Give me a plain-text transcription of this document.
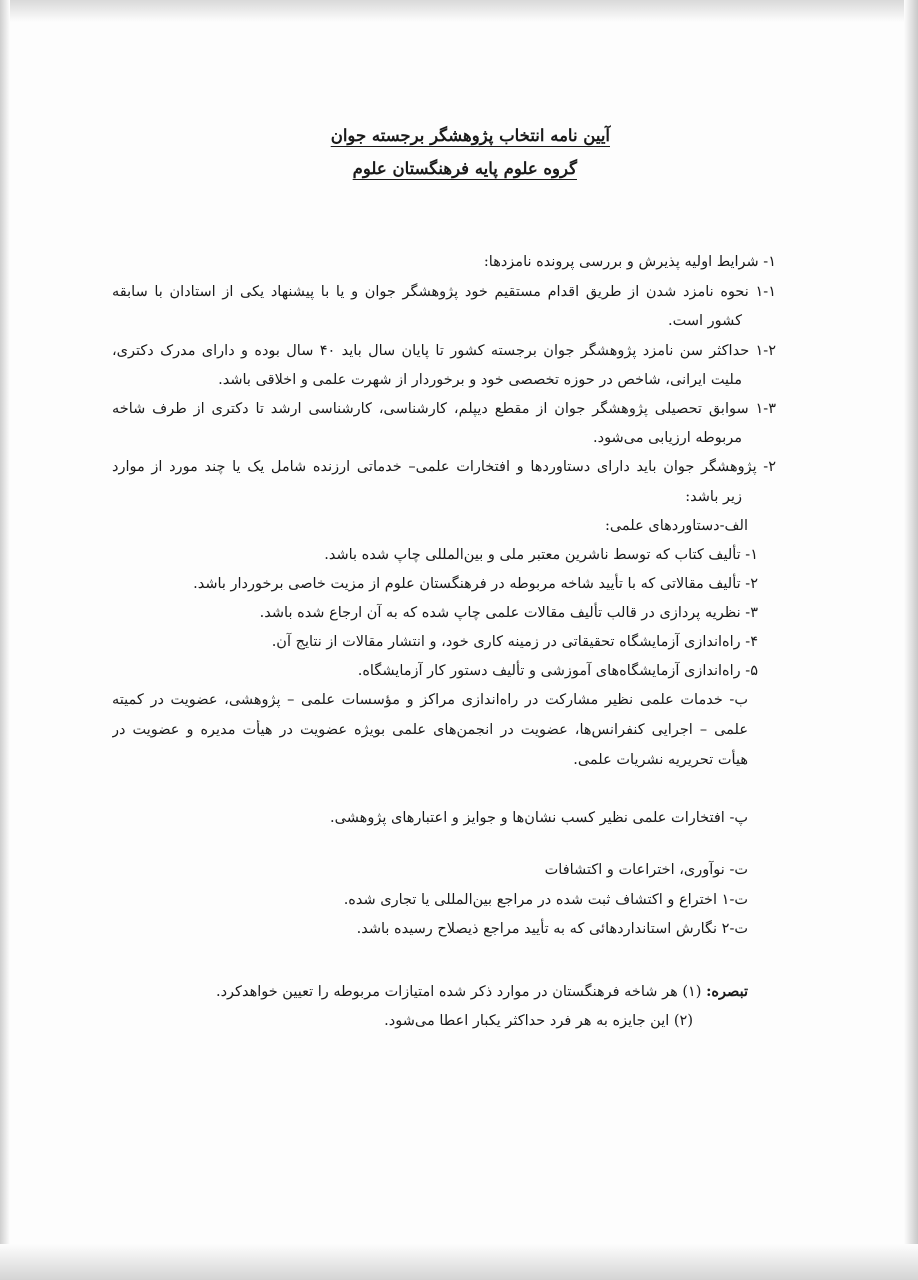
آیین نامه انتخاب پژوهشگر برجسته جوان

گروه علوم پایه فرهنگستان علوم

۱- شرایط اولیه پذیرش و بررسی پرونده نامزدها:

۱-۱ نحوه نامزد شدن از طریق اقدام مستقیم خود پژوهشگر جوان و یا با پیشنهاد یکی از استادان با سابقه

کشور است.

۱-۲ حداکثر سن نامزد پژوهشگر جوان برجسته کشور تا پایان سال باید ۴۰ سال بوده و دارای مدرک دکتری،

ملیت ایرانی، شاخص در حوزه تخصصی خود و برخوردار از شهرت علمی و اخلاقی باشد.

۱-۳ سوابق تحصیلی پژوهشگر جوان از مقطع دیپلم، کارشناسی، کارشناسی ارشد تا دکتری از طرف شاخه

مربوطه ارزیابی می‌شود.

۲- پژوهشگر جوان باید دارای دستاوردها و افتخارات علمی– خدماتی ارزنده شامل یک یا چند مورد از موارد

زیر باشد:

الف-دستاوردهای علمی:

۱- تألیف کتاب که توسط ناشرین معتبر ملی و بین‌المللی چاپ شده باشد.

۲- تألیف مقالاتی که با تأیید شاخه مربوطه در فرهنگستان علوم از مزیت خاصی برخوردار باشد.

۳- نظریه پردازی در قالب تألیف مقالات علمی چاپ شده که به آن ارجاع شده باشد.

۴- راه‌اندازی آزمایشگاه تحقیقاتی در زمینه کاری خود، و انتشار مقالات از نتایج آن.

۵- راه‌اندازی آزمایشگاه‌های آموزشی و تألیف دستور کار آزمایشگاه.

ب- خدمات علمی نظیر مشارکت در راه‌اندازی مراکز و مؤسسات علمی – پژوهشی، عضویت در کمیته

علمی – اجرایی کنفرانس‌ها، عضویت در انجمن‌های علمی بویژه عضویت در هیأت مدیره و عضویت در

هیأت تحریریه نشریات علمی.

پ- افتخارات علمی نظیر کسب نشان‌ها و جوایز و اعتبارهای پژوهشی.

ت- نوآوری، اختراعات و اکتشافات

ت-۱ اختراع و اکتشاف ثبت شده در مراجع بین‌المللی یا تجاری شده.

ت-۲ نگارش استانداردهائی که به تأیید مراجع ذیصلاح رسیده باشد.

تبصره: (۱) هر شاخه فرهنگستان در موارد ذکر شده امتیازات مربوطه را تعیین خواهدکرد.

(۲) این جایزه به هر فرد حداکثر یکبار اعطا می‌شود.
